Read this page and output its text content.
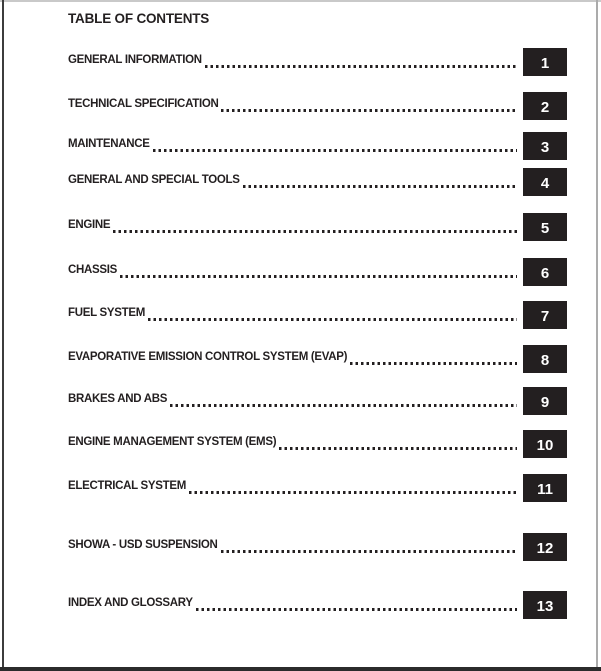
TABLE OF CONTENTS
GENERAL INFORMATION	1
TECHNICAL SPECIFICATION	2
MAINTENANCE	3
GENERAL AND SPECIAL TOOLS	4
ENGINE	5
CHASSIS	6
FUEL SYSTEM	7
EVAPORATIVE EMISSION CONTROL SYSTEM (EVAP)	8
BRAKES AND ABS	9
ENGINE MANAGEMENT SYSTEM (EMS)	10
ELECTRICAL SYSTEM	11
SHOWA - USD SUSPENSION	12
INDEX AND GLOSSARY	13
